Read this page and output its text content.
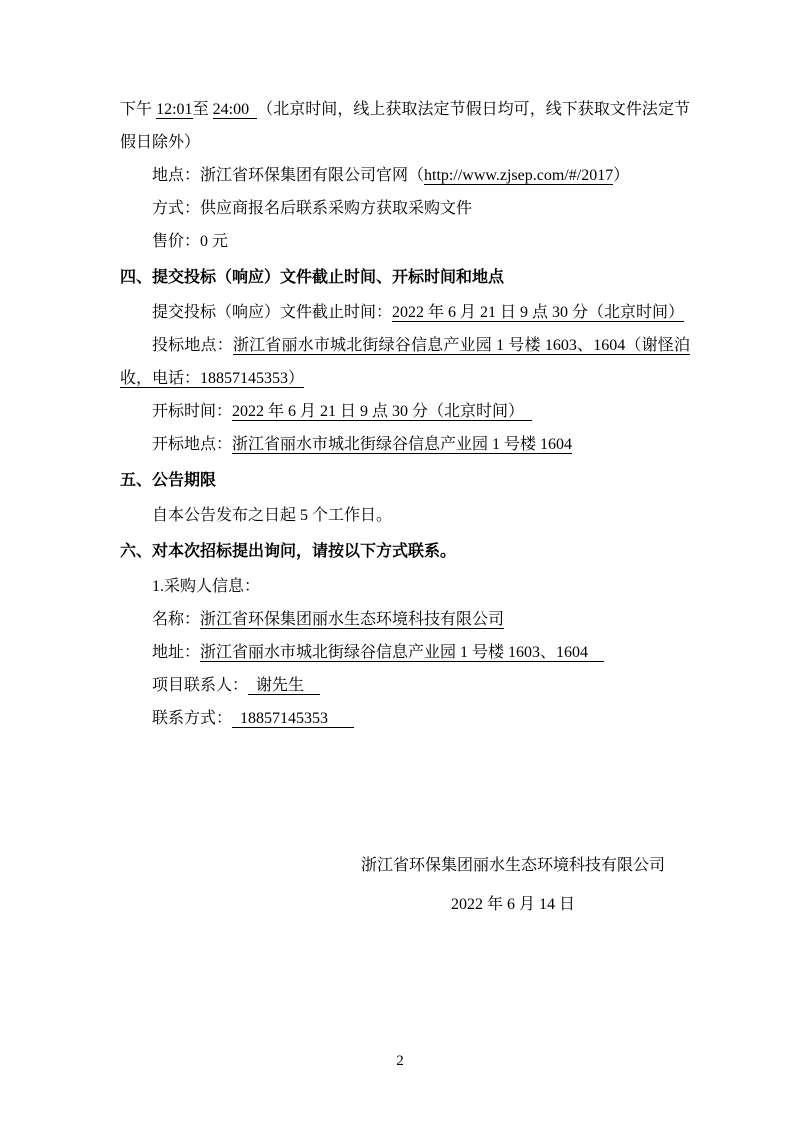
下午 12:01至 24:00 （北京时间，线上获取法定节假日均可，线下获取文件法定节假日除外）

地点：浙江省环保集团有限公司官网（http://www.zjsep.com/#/2017）

方式：供应商报名后联系采购方获取采购文件

售价：0 元

四、提交投标（响应）文件截止时间、开标时间和地点

提交投标（响应）文件截止时间：2022 年 6 月 21 日 9 点 30 分（北京时间）

投标地点：浙江省丽水市城北街绿谷信息产业园 1 号楼 1603、1604（谢怪泊收，电话：18857145353）

开标时间：2022 年 6 月 21 日 9 点 30 分（北京时间）

开标地点：浙江省丽水市城北街绿谷信息产业园 1 号楼 1604

五、公告期限

自本公告发布之日起 5 个工作日。

六、对本次招标提出询问，请按以下方式联系。

1.采购人信息：

名称：浙江省环保集团丽水生态环境科技有限公司

地址：浙江省丽水市城北街绿谷信息产业园 1 号楼 1603、1604

项目联系人： 谢先生

联系方式： 18857145353

浙江省环保集团丽水生态环境科技有限公司

2022 年 6 月 14 日

2
